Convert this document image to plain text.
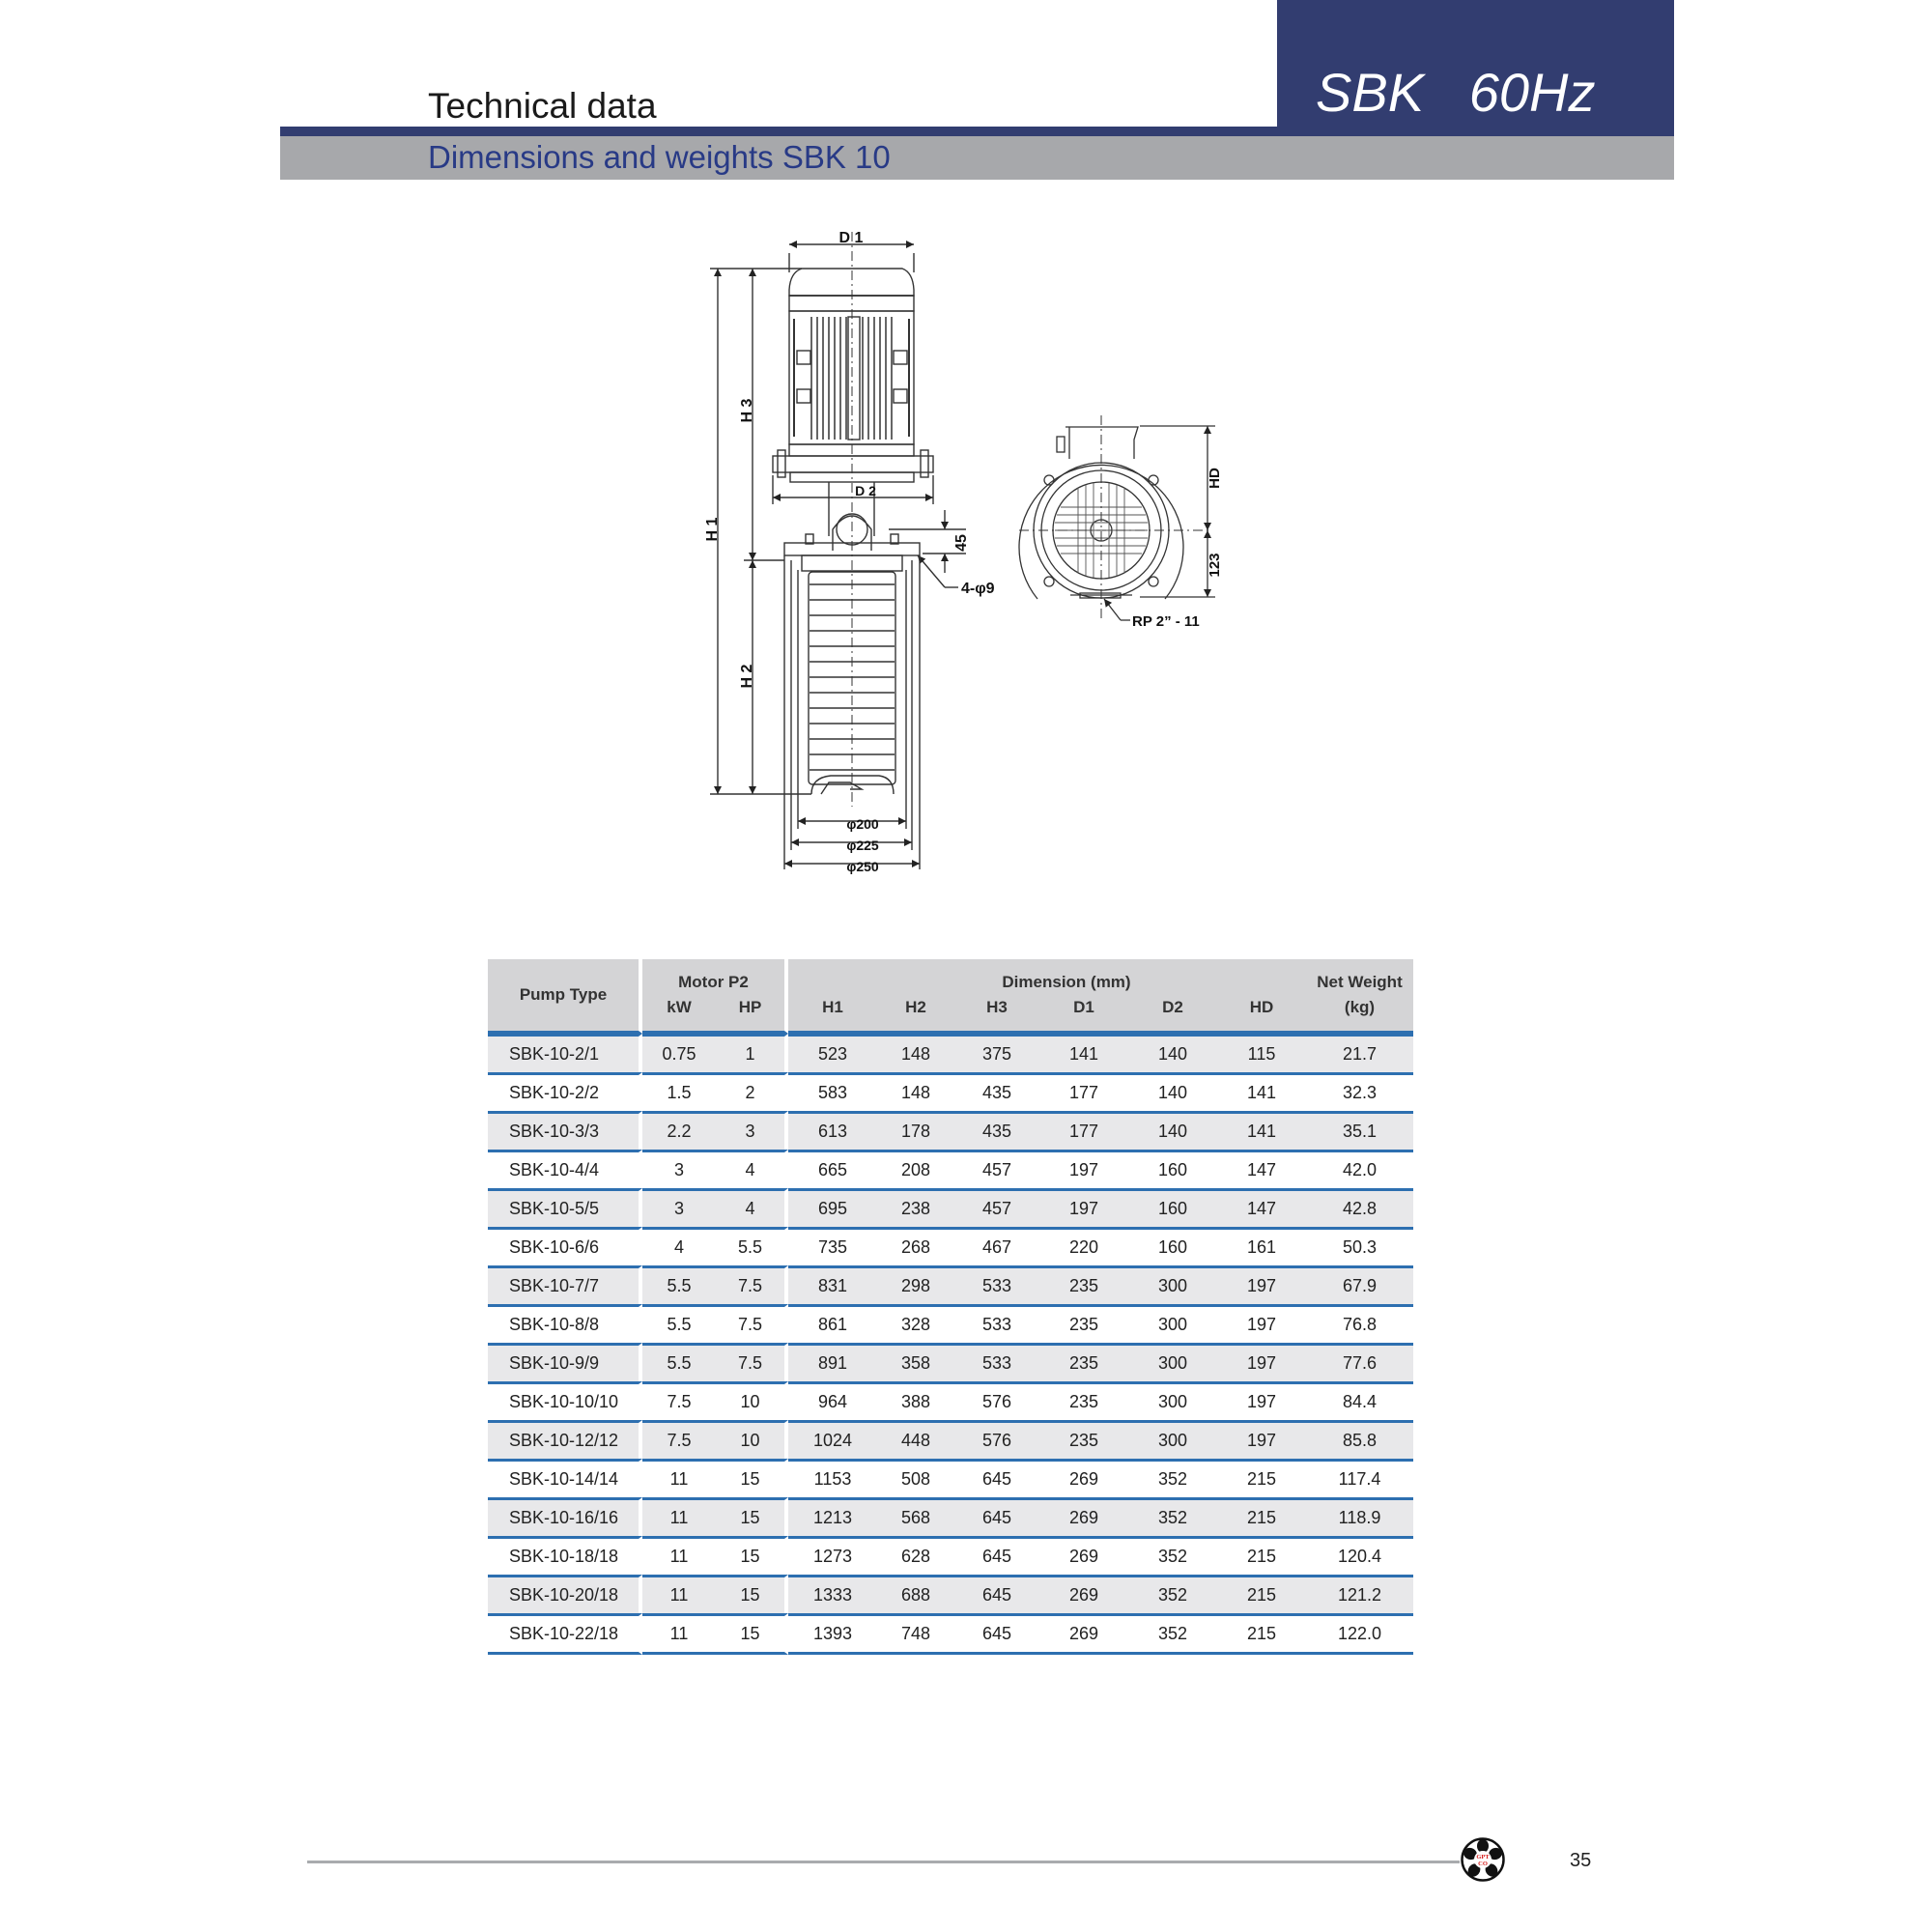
SBK   60Hz
Technical data
Dimensions and weights SBK 10
D 1
D 2
H 1
H 3
H 2
45
4-φ9
φ200
φ225
φ250
HD
123
RP 2” - 11
Pump Type	Motor P2		Dimension (mm)						Net Weight
	kW	HP	H1	H2	H3	D1	D2	HD	(kg)
SBK-10-2/1	0.75	1	523	148	375	141	140	115	21.7
SBK-10-2/2	1.5	2	583	148	435	177	140	141	32.3
SBK-10-3/3	2.2	3	613	178	435	177	140	141	35.1
SBK-10-4/4	3	4	665	208	457	197	160	147	42.0
SBK-10-5/5	3	4	695	238	457	197	160	147	42.8
SBK-10-6/6	4	5.5	735	268	467	220	160	161	50.3
SBK-10-7/7	5.5	7.5	831	298	533	235	300	197	67.9
SBK-10-8/8	5.5	7.5	861	328	533	235	300	197	76.8
SBK-10-9/9	5.5	7.5	891	358	533	235	300	197	77.6
SBK-10-10/10	7.5	10	964	388	576	235	300	197	84.4
SBK-10-12/12	7.5	10	1024	448	576	235	300	197	85.8
SBK-10-14/14	11	15	1153	508	645	269	352	215	117.4
SBK-10-16/16	11	15	1213	568	645	269	352	215	118.9
SBK-10-18/18	11	15	1273	628	645	269	352	215	120.4
SBK-10-20/18	11	15	1333	688	645	269	352	215	121.2
SBK-10-22/18	11	15	1393	748	645	269	352	215	122.0
GPT
CO	35
